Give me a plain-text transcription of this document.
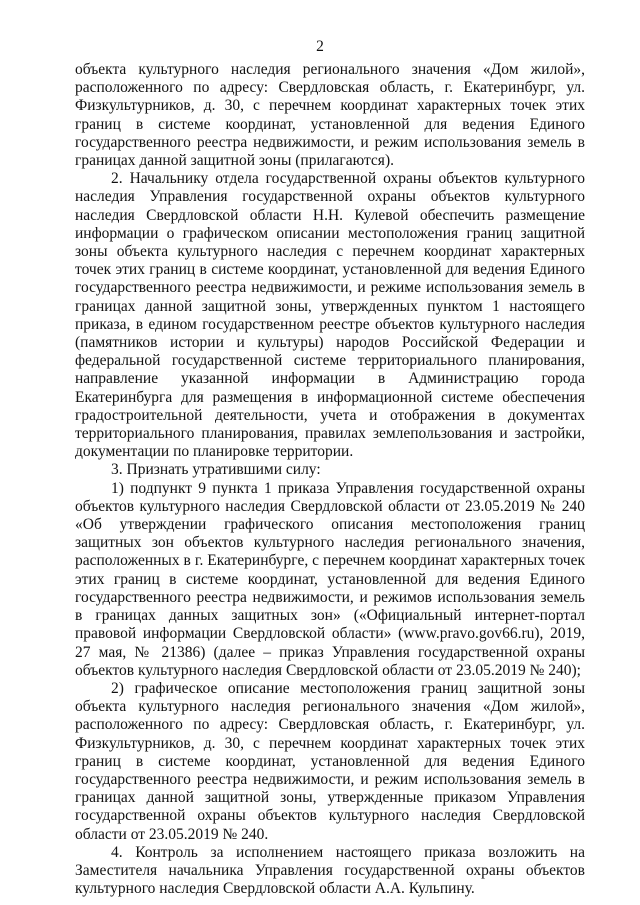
2

объекта культурного наследия регионального значения «Дом жилой», расположенного по адресу: Свердловская область, г. Екатеринбург, ул. Физкультурников, д. 30, с перечнем координат характерных точек этих границ в системе координат, установленной для ведения Единого государственного реестра недвижимости, и режим использования земель в границах данной защитной зоны (прилагаются).

2. Начальнику отдела государственной охраны объектов культурного наследия Управления государственной охраны объектов культурного наследия Свердловской области Н.Н. Кулевой обеспечить размещение информации о графическом описании местоположения границ защитной зоны объекта культурного наследия с перечнем координат характерных точек этих границ в системе координат, установленной для ведения Единого государственного реестра недвижимости, и режиме использования земель в границах данной защитной зоны, утвержденных пунктом 1 настоящего приказа, в едином государственном реестре объектов культурного наследия (памятников истории и культуры) народов Российской Федерации и федеральной государственной системе территориального планирования, направление указанной информации в Администрацию города Екатеринбурга для размещения в информационной системе обеспечения градостроительной деятельности, учета и отображения в документах территориального планирования, правилах землепользования и застройки, документации по планировке территории.

3. Признать утратившими силу:

1) подпункт 9 пункта 1 приказа Управления государственной охраны объектов культурного наследия Свердловской области от 23.05.2019 № 240 «Об утверждении графического описания местоположения границ защитных зон объектов культурного наследия регионального значения, расположенных в г. Екатеринбурге, с перечнем координат характерных точек этих границ в системе координат, установленной для ведения Единого государственного реестра недвижимости, и режимов использования земель в границах данных защитных зон» («Официальный интернет-портал правовой информации Свердловской области» (www.pravo.gov66.ru), 2019, 27 мая, № 21386) (далее – приказ Управления государственной охраны объектов культурного наследия Свердловской области от 23.05.2019 № 240);

2) графическое описание местоположения границ защитной зоны объекта культурного наследия регионального значения «Дом жилой», расположенного по адресу: Свердловская область, г. Екатеринбург, ул. Физкультурников, д. 30, с перечнем координат характерных точек этих границ в системе координат, установленной для ведения Единого государственного реестра недвижимости, и режим использования земель в границах данной защитной зоны, утвержденные приказом Управления государственной охраны объектов культурного наследия Свердловской области от 23.05.2019 № 240.

4. Контроль за исполнением настоящего приказа возложить на Заместителя начальника Управления государственной охраны объектов культурного наследия Свердловской области А.А. Кульпину.
